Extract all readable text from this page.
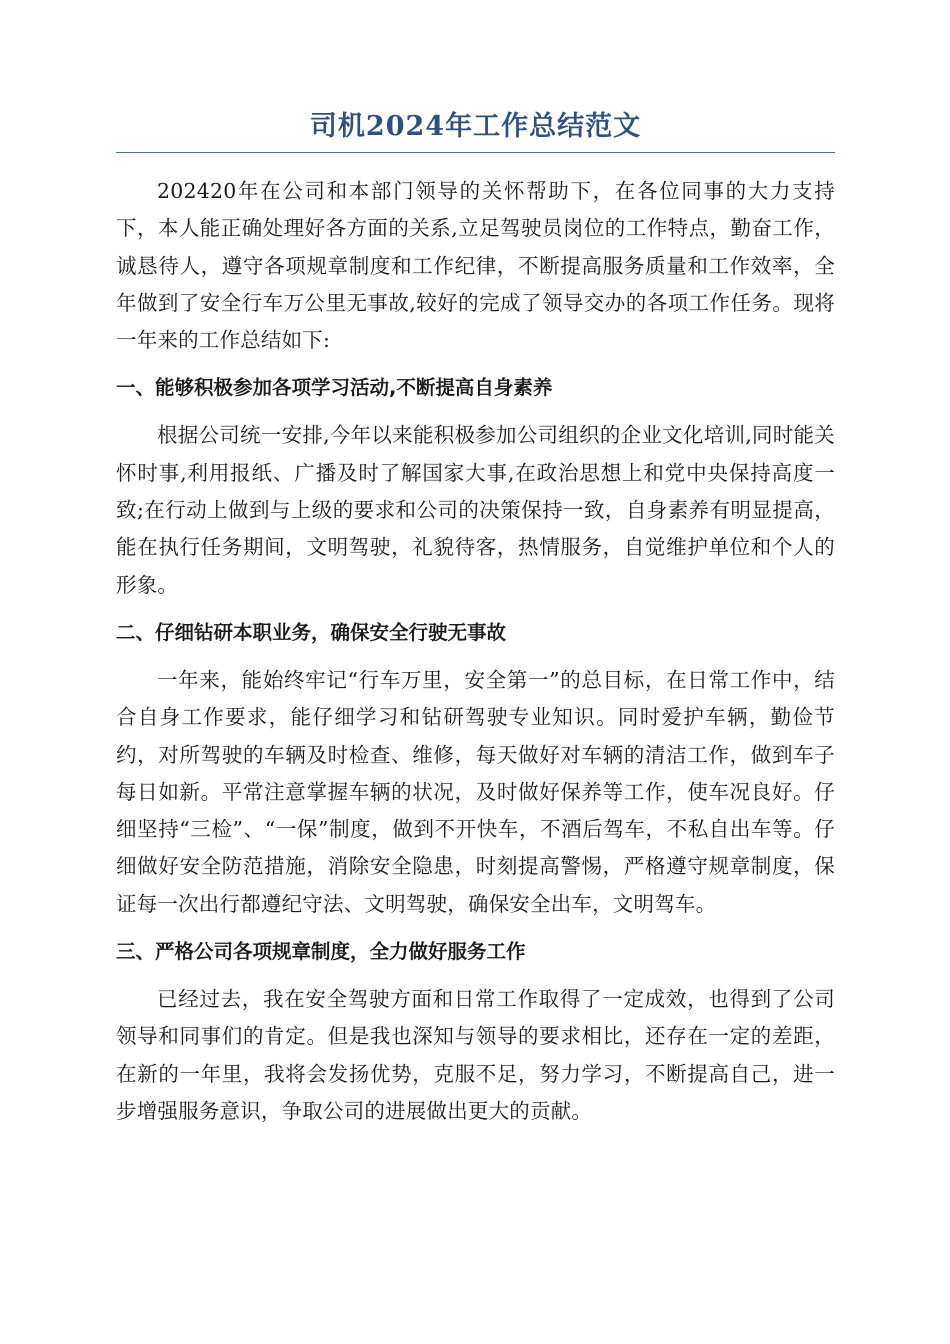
司机2024年工作总结范文

202420年在公司和本部门领导的关怀帮助下，在各位同事的大力支持下，本人能正确处理好各方面的关系,立足驾驶员岗位的工作特点，勤奋工作，诚恳待人，遵守各项规章制度和工作纪律，不断提高服务质量和工作效率，全年做到了安全行车万公里无事故,较好的完成了领导交办的各项工作任务。现将一年来的工作总结如下:

一、能够积极参加各项学习活动,不断提高自身素养

根据公司统一安排,今年以来能积极参加公司组织的企业文化培训,同时能关怀时事,利用报纸、广播及时了解国家大事,在政治思想上和党中央保持高度一致;在行动上做到与上级的要求和公司的决策保持一致，自身素养有明显提高，能在执行任务期间，文明驾驶，礼貌待客，热情服务，自觉维护单位和个人的形象。

二、仔细钻研本职业务，确保安全行驶无事故

一年来，能始终牢记“行车万里，安全第一”的总目标，在日常工作中，结合自身工作要求，能仔细学习和钻研驾驶专业知识。同时爱护车辆，勤俭节约，对所驾驶的车辆及时检查、维修，每天做好对车辆的清洁工作，做到车子每日如新。平常注意掌握车辆的状况，及时做好保养等工作，使车况良好。仔细坚持“三检”、“一保”制度，做到不开快车，不酒后驾车，不私自出车等。仔细做好安全防范措施，消除安全隐患，时刻提高警惕，严格遵守规章制度，保证每一次出行都遵纪守法、文明驾驶，确保安全出车，文明驾车。

三、严格公司各项规章制度，全力做好服务工作

已经过去，我在安全驾驶方面和日常工作取得了一定成效，也得到了公司领导和同事们的肯定。但是我也深知与领导的要求相比，还存在一定的差距，在新的一年里，我将会发扬优势，克服不足，努力学习，不断提高自己，进一步增强服务意识，争取公司的进展做出更大的贡献。
